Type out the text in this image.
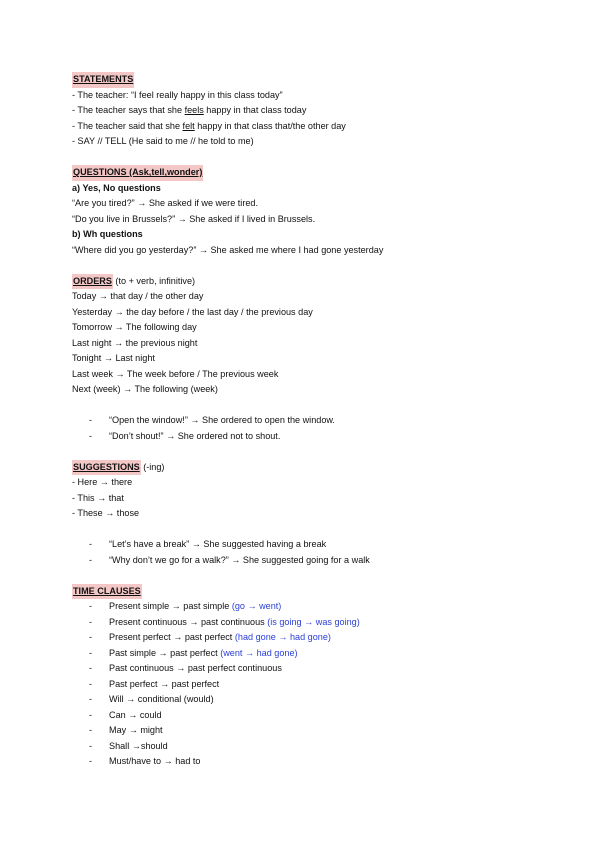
STATEMENTS
- The teacher: “I feel really happy in this class today”
- The teacher says that she feels happy in that class today
- The teacher said that she felt happy in that class that/the other day
- SAY // TELL (He said to me // he told to me)
QUESTIONS (Ask,tell,wonder)
a) Yes, No questions
“Are you tired?” → She asked if we were tired.
“Do you live in Brussels?” → She asked if I lived in Brussels.
b) Wh questions
“Where did you go yesterday?” → She asked me where I had gone yesterday
ORDERS (to + verb, infinitive)
Today → that day / the other day
Yesterday → the day before / the last day / the previous day
Tomorrow → The following day
Last night → the previous night
Tonight → Last night
Last week → The week before / The previous week
Next (week) → The following (week)
- “Open the window!” → She ordered to open the window.
- “Don’t shout!” → She ordered not to shout.
SUGGESTIONS (-ing)
- Here → there
- This → that
- These → those
- “Let’s have a break” → She suggested having a break
- “Why don’t we go for a walk?” → She suggested going for a walk
TIME CLAUSES
- Present simple → past simple (go → went)
- Present continuous → past continuous (is going → was going)
- Present perfect → past perfect (had gone → had gone)
- Past simple → past perfect (went → had gone)
- Past continuous → past perfect continuous
- Past perfect → past perfect
- Will → conditional (would)
- Can → could
- May → might
- Shall →should
- Must/have to → had to
